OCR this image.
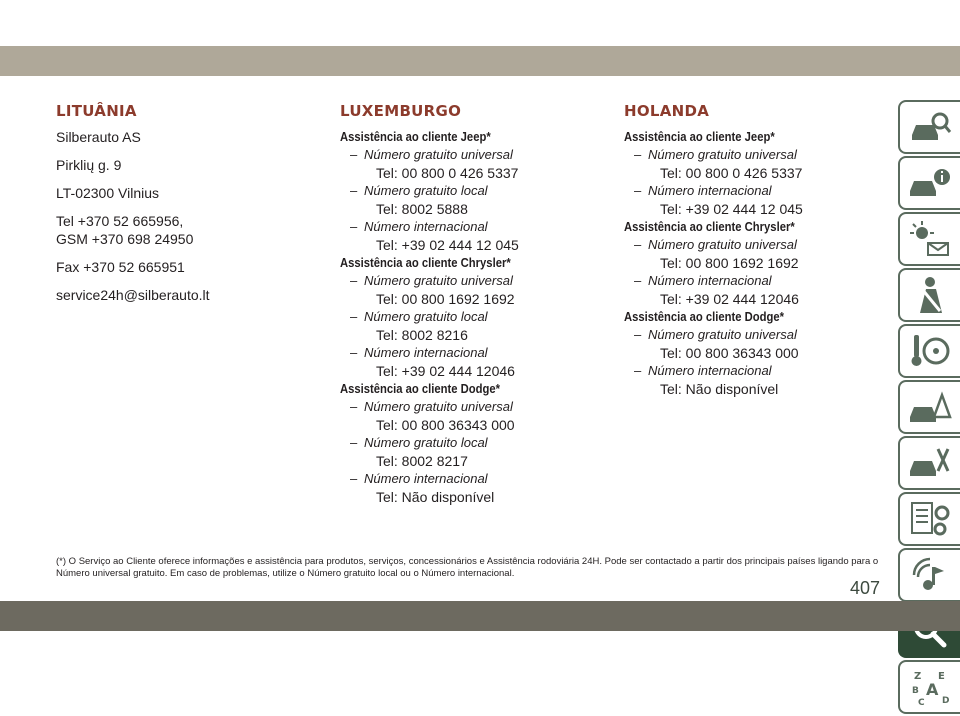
LITUÂNIA

Silberauto AS

Pirklių g. 9

LT-02300 Vilnius

Tel +370 52 665956,
GSM +370 698 24950

Fax +370 52 665951

service24h@silberauto.lt

LUXEMBURGO
Assistência ao cliente Jeep*
– Número gratuito universal
Tel: 00 800 0 426 5337
– Número gratuito local
Tel: 8002 5888
– Número internacional
Tel: +39 02 444 12 045
Assistência ao cliente Chrysler*
– Número gratuito universal
Tel: 00 800 1692 1692
– Número gratuito local
Tel: 8002 8216
– Número internacional
Tel: +39 02 444 12046
Assistência ao cliente Dodge*
– Número gratuito universal
Tel: 00 800 36343 000
– Número gratuito local
Tel: 8002 8217
– Número internacional
Tel: Não disponível
HOLANDA
Assistência ao cliente Jeep*
– Número gratuito universal
Tel: 00 800 0 426 5337
– Número internacional
Tel: +39 02 444 12 045
Assistência ao cliente Chrysler*
– Número gratuito universal
Tel: 00 800 1692 1692
– Número internacional
Tel: +39 02 444 12046
Assistência ao cliente Dodge*
– Número gratuito universal
Tel: 00 800 36343 000
– Número internacional
Tel: Não disponível
Z E
A
B
D
C
(*) O Serviço ao Cliente oferece informações e assistência para produtos, serviços, concessionários e Assistência rodoviária 24H. Pode ser contactado a partir dos principais países ligando para o Número universal gratuito. Em caso de problemas, utilize o Número gratuito local ou o Número internacional.
407
